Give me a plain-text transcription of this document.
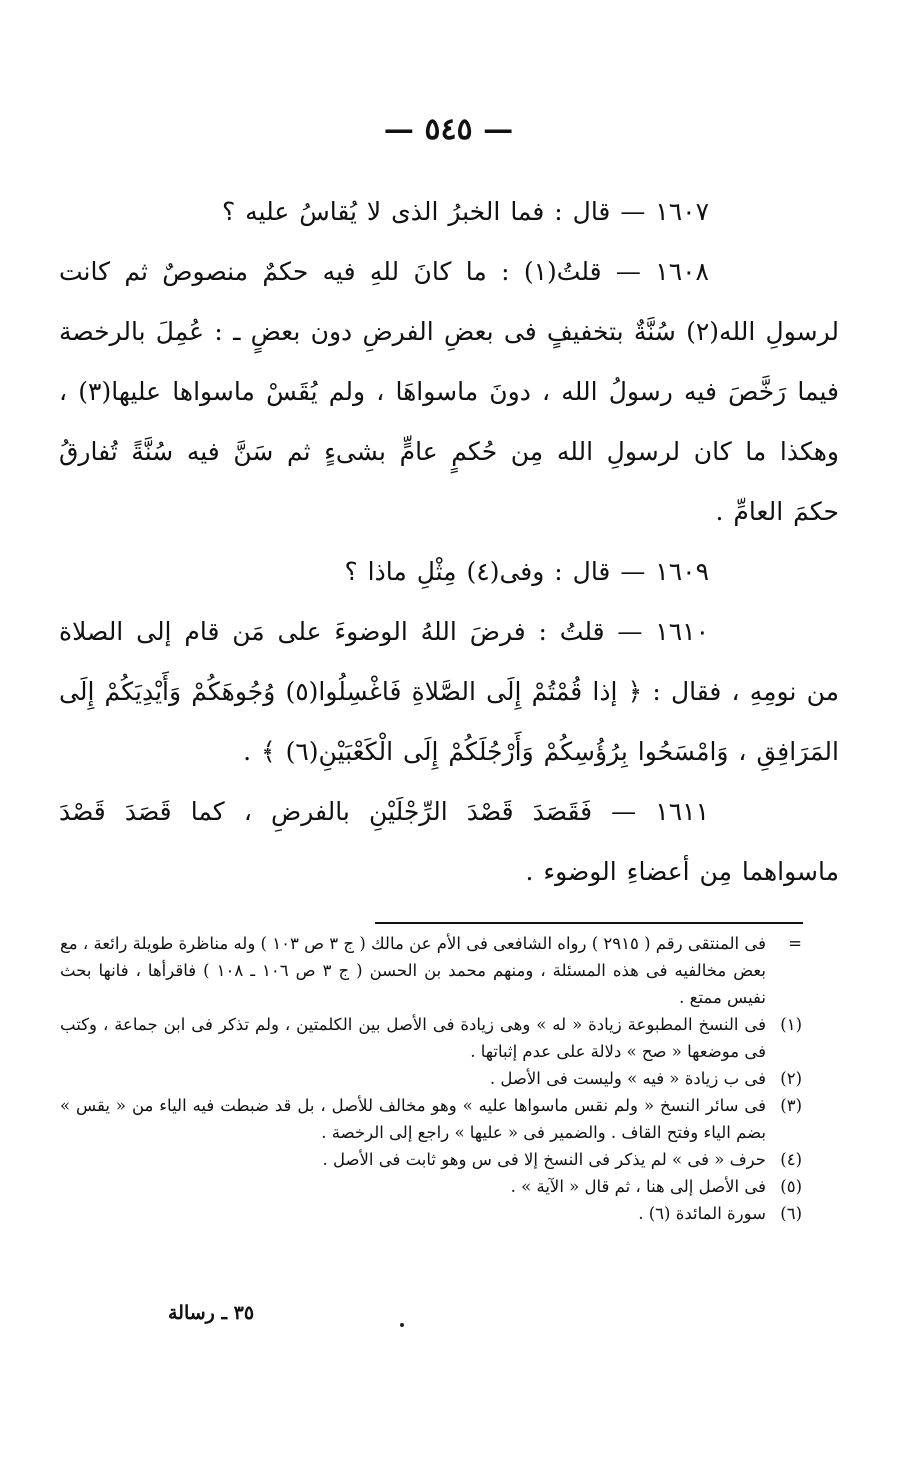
— ٥٤٥ —

١٦٠٧ — قال : فما الخبرُ الذى لا يُقاسُ عليه ؟

١٦٠٨ — قلتُ(١) : ما كانَ للهِ فيه حكمٌ منصوصٌ ثم كانت لرسولِ الله(٢) سُنَّةٌ بتخفيفٍ فى بعضِ الفرضِ دون بعضٍ ـ : عُمِلَ بالرخصة فيما رَخَّصَ فيه رسولُ الله ، دونَ ماسواهَا ، ولم يُقَسْ ماسواها عليها(٣) ، وهكذا ما كان لرسولِ الله مِن حُكمٍ عامٍّ بشىءٍ ثم سَنَّ فيه سُنَّةً تُفارقُ حكمَ العامِّ .

١٦٠٩ — قال : وفى(٤) مِثْلِ ماذا ؟

١٦١٠ — قلتُ : فرضَ اللهُ الوضوءَ على مَن قام إلى الصلاة من نومِهِ ، فقال : ﴿ إذا قُمْتُمْ إِلَى الصَّلاةِ فَاغْسِلُوا(٥) وُجُوهَكُمْ وَأَيْدِيَكُمْ إِلَى المَرَافِقِ ، وَامْسَحُوا بِرُؤُسِكُمْ وَأَرْجُلَكُمْ إِلَى الْكَعْبَيْنِ(٦) ﴾ .

١٦١١ — فَقَصَدَ قَصْدَ الرِّجْلَيْنِ بالفرضِ ، كما قَصَدَ قَصْدَ ماسواهما مِن أعضاءِ الوضوء .

=فى المنتقى رقم ( ٢٩١٥ ) رواه الشافعى فى الأم عن مالك ( ج ٣ ص ١٠٣ ) وله مناظرة طويلة رائعة ، مع بعض مخالفيه فى هذه المسئلة ، ومنهم محمد بن الحسن ( ج ٣ ص ١٠٦ ـ ١٠٨ ) فاقرأها ، فانها بحث نفيس ممتع .

(١)فى النسخ المطبوعة زيادة « له » وهى زيادة فى الأصل بين الكلمتين ، ولم تذكر فى ابن جماعة ، وكتب فى موضعها « صح » دلالة على عدم إثباتها .

(٢)فى ب زيادة « فيه » وليست فى الأصل .

(٣)فى سائر النسخ « ولم نقس ماسواها عليه » وهو مخالف للأصل ، بل قد ضبطت فيه الياء من « يقس » بضم الياء وفتح القاف . والضمير فى « عليها » راجع إلى الرخصة .

(٤)حرف « فى » لم يذكر فى النسخ إلا فى س وهو ثابت فى الأصل .

(٥)فى الأصل إلى هنا ، ثم قال « الآية » .

(٦)سورة المائدة (٦) .

٣٥ ـ رسالة
